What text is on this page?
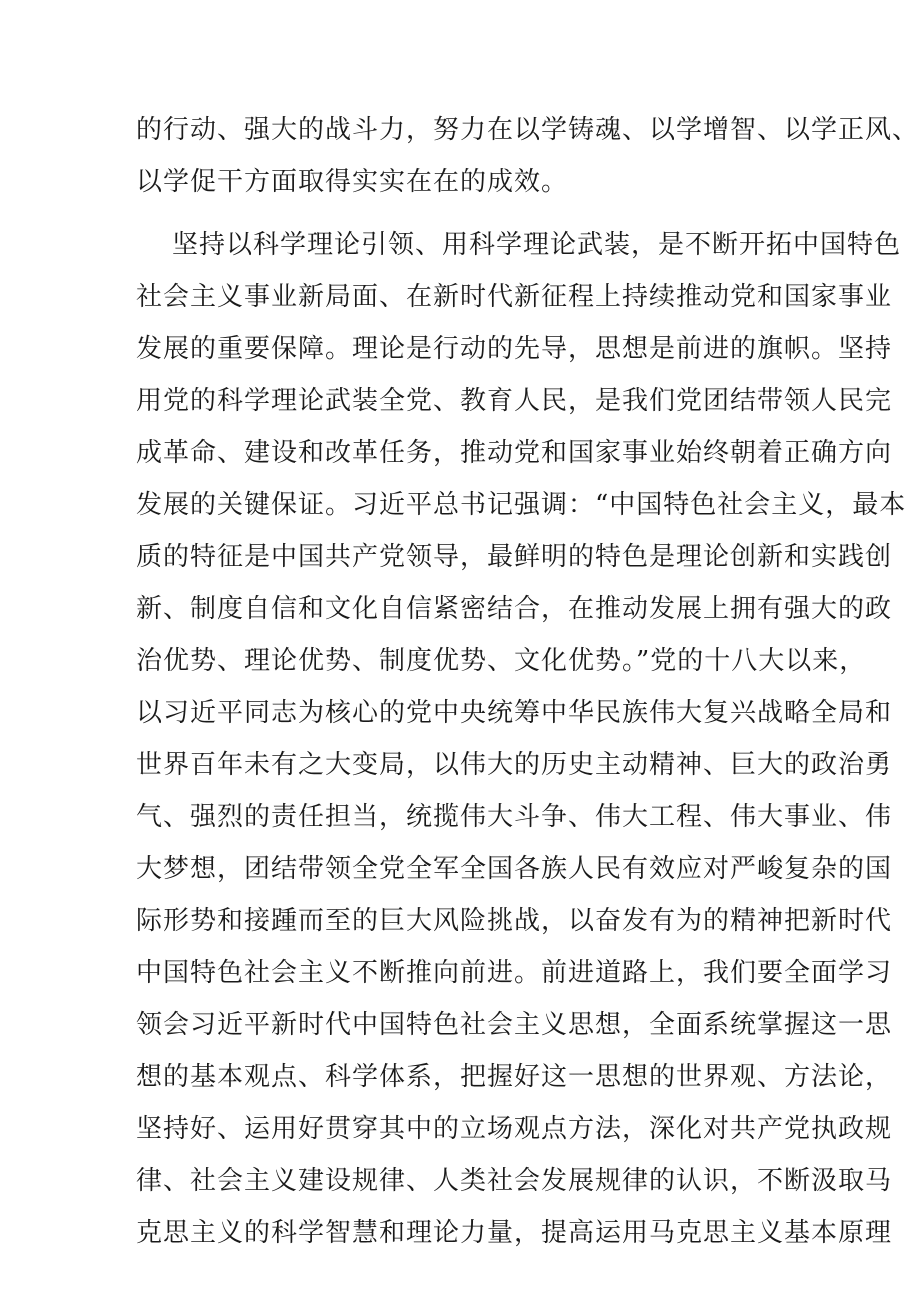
的行动、强大的战斗力，努力在以学铸魂、以学增智、以学正风、
以学促干方面取得实实在在的成效。
坚持以科学理论引领、用科学理论武装，是不断开拓中国特色
社会主义事业新局面、在新时代新征程上持续推动党和国家事业
发展的重要保障。理论是行动的先导，思想是前进的旗帜。坚持
用党的科学理论武装全党、教育人民，是我们党团结带领人民完
成革命、建设和改革任务，推动党和国家事业始终朝着正确方向
发展的关键保证。习近平总书记强调：“中国特色社会主义，最本
质的特征是中国共产党领导，最鲜明的特色是理论创新和实践创
新、制度自信和文化自信紧密结合，在推动发展上拥有强大的政
治优势、理论优势、制度优势、文化优势。”党的十八大以来，
以习近平同志为核心的党中央统筹中华民族伟大复兴战略全局和
世界百年未有之大变局，以伟大的历史主动精神、巨大的政治勇
气、强烈的责任担当，统揽伟大斗争、伟大工程、伟大事业、伟
大梦想，团结带领全党全军全国各族人民有效应对严峻复杂的国
际形势和接踵而至的巨大风险挑战，以奋发有为的精神把新时代
中国特色社会主义不断推向前进。前进道路上，我们要全面学习
领会习近平新时代中国特色社会主义思想，全面系统掌握这一思
想的基本观点、科学体系，把握好这一思想的世界观、方法论，
坚持好、运用好贯穿其中的立场观点方法，深化对共产党执政规
律、社会主义建设规律、人类社会发展规律的认识，不断汲取马
克思主义的科学智慧和理论力量，提高运用马克思主义基本原理
